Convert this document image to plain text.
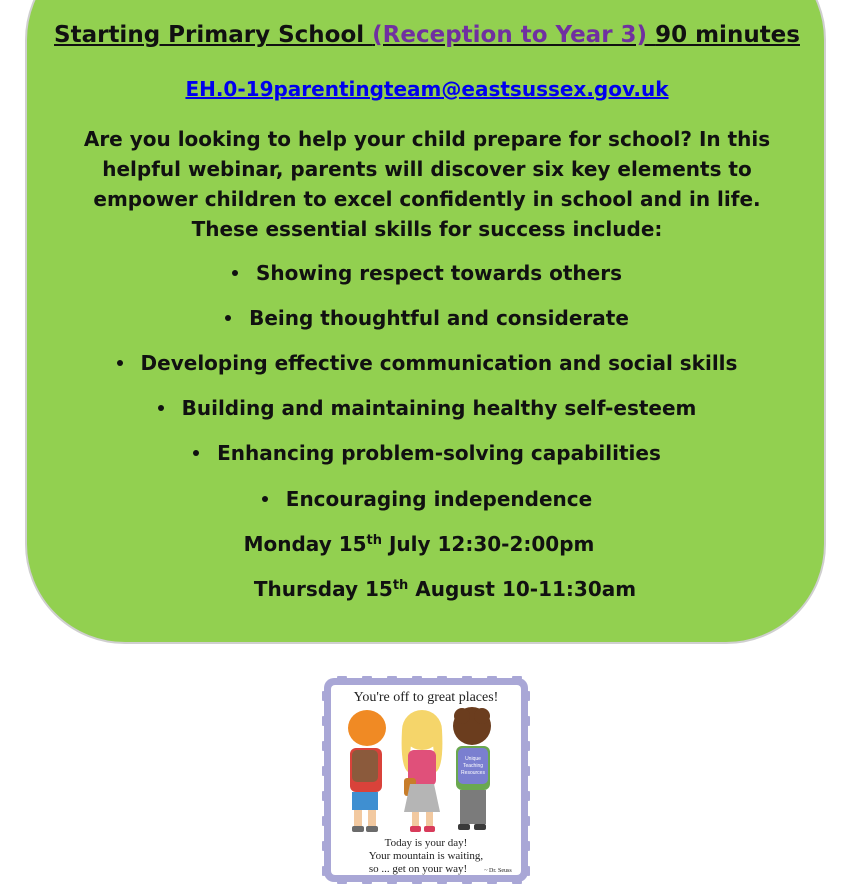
Starting Primary School (Reception to Year 3) 90 minutes
EH.0-19parentingteam@eastsussex.gov.uk
Are you looking to help your child prepare for school? In this helpful webinar, parents will discover six key elements to empower children to excel confidently in school and in life. These essential skills for success include:
Showing respect towards others
Being thoughtful and considerate
Developing effective communication and social skills
Building and maintaining healthy self-esteem
Enhancing problem-solving capabilities
Encouraging independence
Monday 15th July 12:30-2:00pm
Thursday 15th August 10-11:30am
You're off to great places!
Unique
Teaching
Resources
Today is your day!
Your mountain is waiting,
so ... get on your way!	~ Dr. Seuss
